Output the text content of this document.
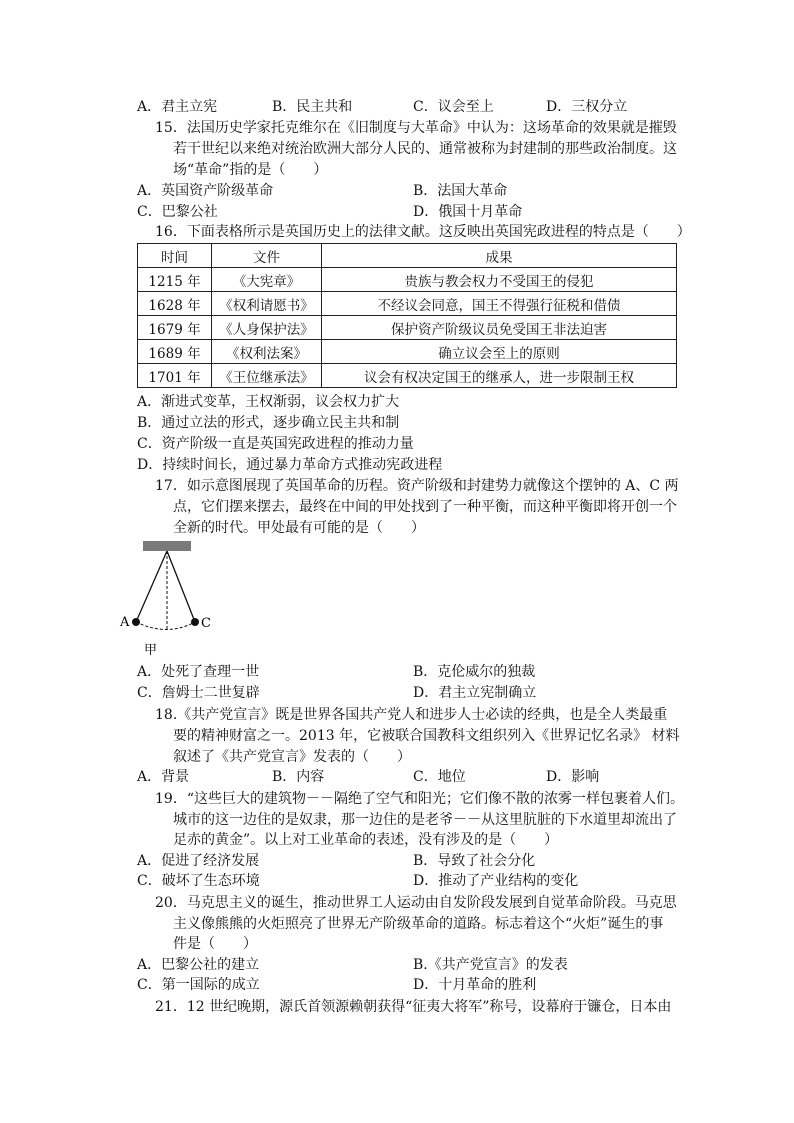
A．君主立宪	B．民主共和	C．议会至上	D．三权分立
15．法国历史学家托克维尔在《旧制度与大革命》中认为：这场革命的效果就是摧毁
若干世纪以来绝对统治欧洲大部分人民的、通常被称为封建制的那些政治制度。这
场“革命”指的是（　　）
A．英国资产阶级革命	B．法国大革命
C．巴黎公社	D．俄国十月革命
16．下面表格所示是英国历史上的法律文献。这反映出英国宪政进程的特点是（　　）
时间	文件	成果
1215 年	《大宪章》	贵族与教会权力不受国王的侵犯
1628 年	《权利请愿书》	不经议会同意，国王不得强行征税和借债
1679 年	《人身保护法》	保护资产阶级议员免受国王非法迫害
1689 年	《权利法案》	确立议会至上的原则
1701 年	《王位继承法》	议会有权决定国王的继承人，进一步限制王权
A．渐进式变革，王权渐弱，议会权力扩大
B．通过立法的形式，逐步确立民主共和制
C．资产阶级一直是英国宪政进程的推动力量
D．持续时间长，通过暴力革命方式推动宪政进程
17．如示意图展现了英国革命的历程。资产阶级和封建势力就像这个摆钟的 A、C 两
点，它们摆来摆去，最终在中间的甲处找到了一种平衡，而这种平衡即将开创一个
全新的时代。甲处最有可能的是（　　）
A	C
甲
A．处死了查理一世	B．克伦威尔的独裁
C．詹姆士二世复辟	D．君主立宪制确立
18.《共产党宣言》既是世界各国共产党人和进步人士必读的经典，也是全人类最重
要的精神财富之一。2013 年，它被联合国教科文组织列入《世界记忆名录》 材料
叙述了《共产党宣言》发表的（　　）
A．背景	B．内容	C．地位	D．影响
19．“这些巨大的建筑物－－隔绝了空气和阳光；它们像不散的浓雾一样包裹着人们。
城市的这一边住的是奴隶，那一边住的是老爷－－从这里肮脏的下水道里却流出了
足赤的黄金”。以上对工业革命的表述，没有涉及的是（　　）
A．促进了经济发展	B．导致了社会分化
C．破坏了生态环境	D．推动了产业结构的变化
20．马克思主义的诞生，推动世界工人运动由自发阶段发展到自觉革命阶段。马克思
主义像熊熊的火炬照亮了世界无产阶级革命的道路。标志着这个“火炬”诞生的事
件是（　　）
A．巴黎公社的建立	B.《共产党宣言》的发表
C．第一国际的成立	D．十月革命的胜利
21．12 世纪晚期，源氏首领源赖朝获得“征夷大将军”称号，设幕府于镰仓，日本由
